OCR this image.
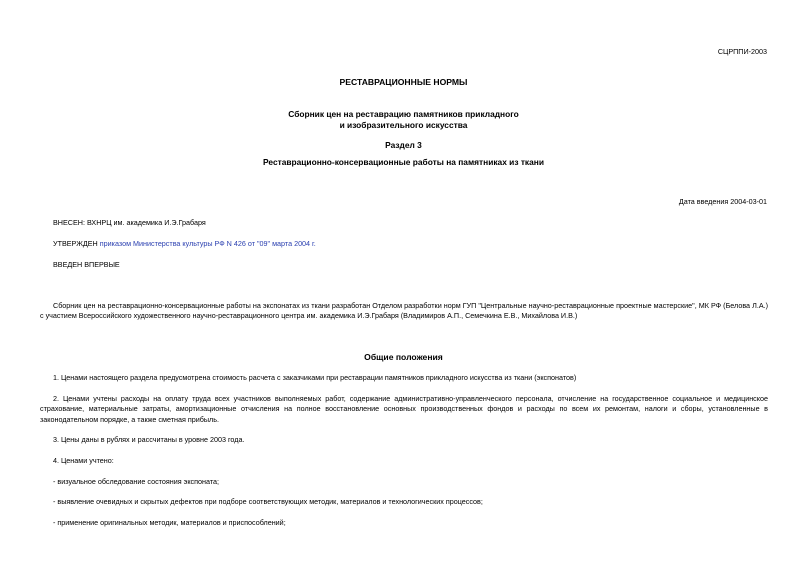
СЦРППИ-2003
РЕСТАВРАЦИОННЫЕ НОРМЫ
Сборник цен на реставрацию памятников прикладного
и изобразительного искусства
Раздел 3
Реставрационно-консервационные работы на памятниках из ткани
Дата введения 2004-03-01
ВНЕСЕН: ВХНРЦ им. академика И.Э.Грабаря
УТВЕРЖДЕН приказом Министерства культуры РФ N 426 от "09" марта 2004 г.
ВВЕДЕН ВПЕРВЫЕ
Сборник цен на реставрационно-консервационные работы на экспонатах из ткани разработан Отделом разработки норм ГУП "Центральные научно-реставрационные проектные мастерские", МК РФ (Белова Л.А.) с участием Всероссийского художественного научно-реставрационного центра им. академика И.Э.Грабаря (Владимиров А.П., Семечкина Е.В., Михайлова И.В.)
Общие положения
1. Ценами настоящего раздела предусмотрена стоимость расчета с заказчиками при реставрации памятников прикладного искусства из ткани (экспонатов)
2. Ценами учтены расходы на оплату труда всех участников выполняемых работ, содержание административно-управленческого персонала, отчисление на государственное социальное и медицинское страхование, материальные затраты, амортизационные отчисления на полное восстановление основных производственных фондов и расходы по всем их ремонтам, налоги и сборы, установленные в законодательном порядке, а также сметная прибыль.
3. Цены даны в рублях и рассчитаны в уровне 2003 года.
4. Ценами учтено:
- визуальное обследование состояния экспоната;
- выявление очевидных и скрытых дефектов при подборе соответствующих методик, материалов и технологических процессов;
- применение оригинальных методик, материалов и приспособлений;
